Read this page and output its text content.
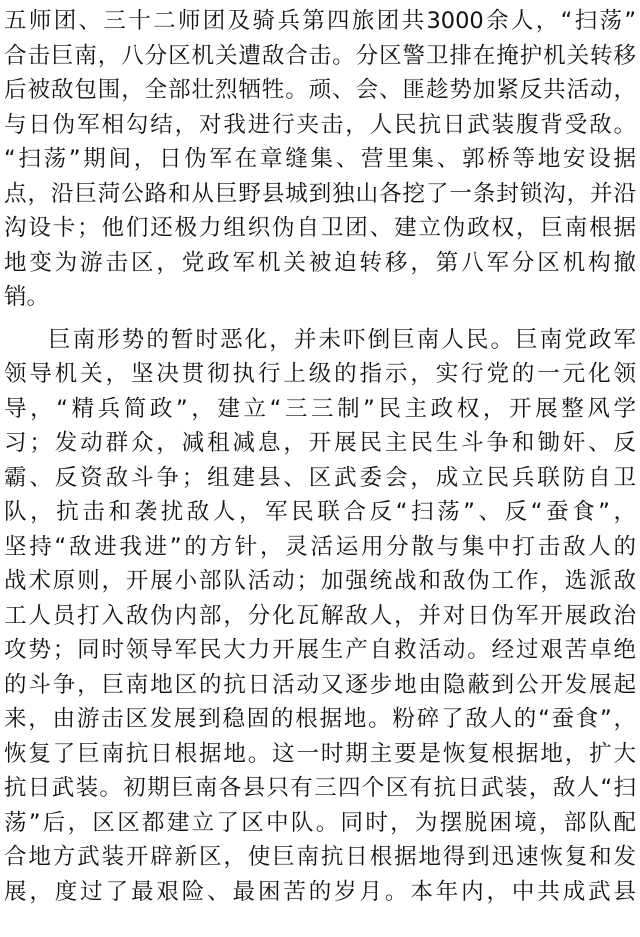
五师团、三十二师团及骑兵第四旅团共3000余人，“扫荡”
合击巨南，八分区机关遭敌合击。分区警卫排在掩护机关转移
后被敌包围，全部壮烈牺牲。顽、会、匪趁势加紧反共活动，
与日伪军相勾结，对我进行夹击，人民抗日武装腹背受敌。
“扫荡”期间，日伪军在章缝集、营里集、郭桥等地安设据
点，沿巨菏公路和从巨野县城到独山各挖了一条封锁沟，并沿
沟设卡；他们还极力组织伪自卫团、建立伪政权，巨南根据
地变为游击区，党政军机关被迫转移，第八军分区机构撤
销。
巨南形势的暂时恶化，并未吓倒巨南人民。巨南党政军
领导机关，坚决贯彻执行上级的指示，实行党的一元化领
导，“精兵简政”，建立“三三制”民主政权，开展整风学
习；发动群众，减租减息，开展民主民生斗争和锄奸、反
霸、反资敌斗争；组建县、区武委会，成立民兵联防自卫
队，抗击和袭扰敌人，军民联合反“扫荡”、反“蚕食”，
坚持“敌进我进”的方针，灵活运用分散与集中打击敌人的
战术原则，开展小部队活动；加强统战和敌伪工作，选派敌
工人员打入敌伪内部，分化瓦解敌人，并对日伪军开展政治
攻势；同时领导军民大力开展生产自救活动。经过艰苦卓绝
的斗争，巨南地区的抗日活动又逐步地由隐蔽到公开发展起
来，由游击区发展到稳固的根据地。粉碎了敌人的“蚕食”，
恢复了巨南抗日根据地。这一时期主要是恢复根据地，扩大
抗日武装。初期巨南各县只有三四个区有抗日武装，敌人“扫
荡”后，区区都建立了区中队。同时，为摆脱困境，部队配
合地方武装开辟新区，使巨南抗日根据地得到迅速恢复和发
展，度过了最艰险、最困苦的岁月。本年内，中共成武县
